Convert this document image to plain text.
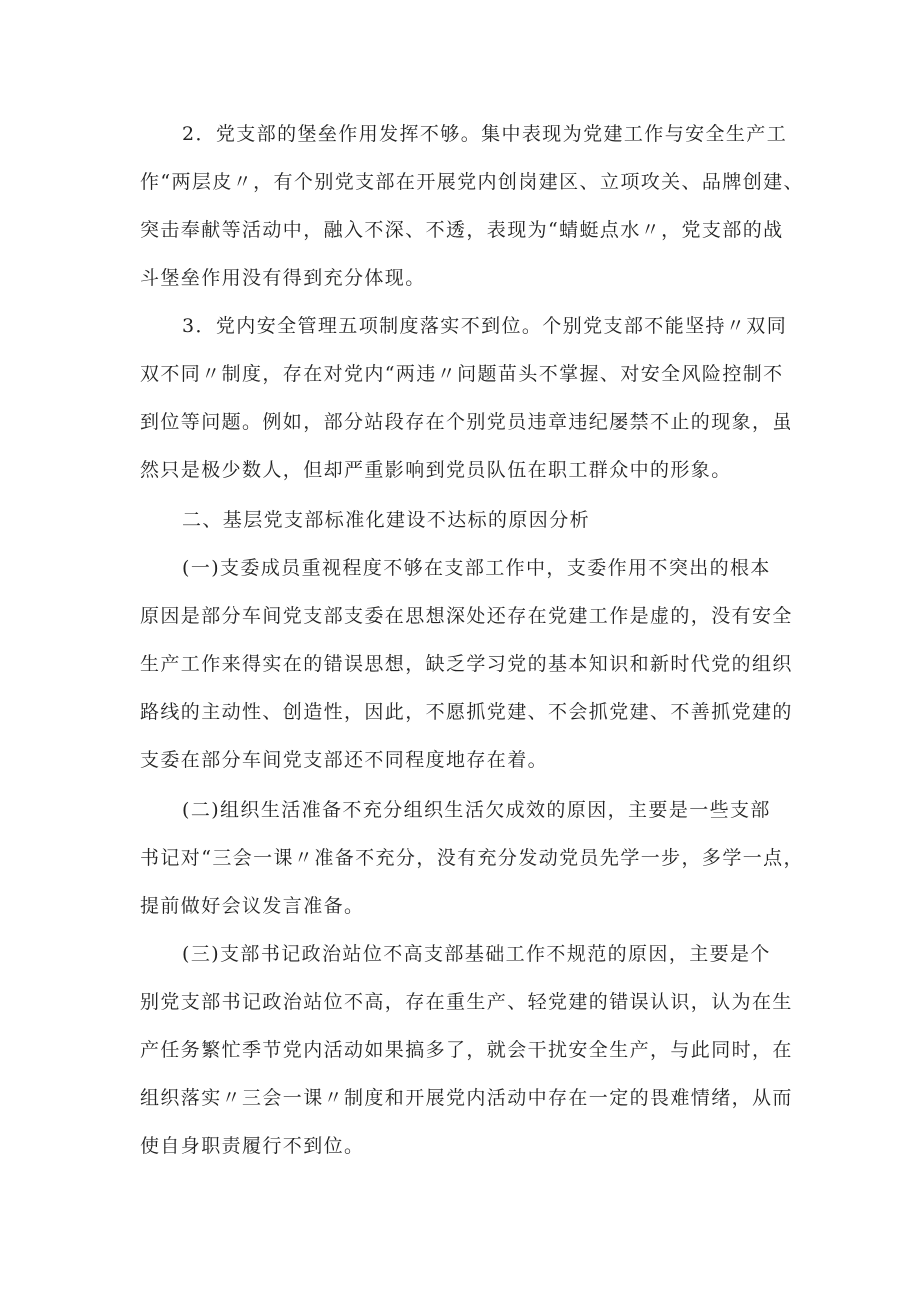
2．党支部的堡垒作用发挥不够。集中表现为党建工作与安全生产工
作“两层皮〃，有个别党支部在开展党内创岗建区、立项攻关、品牌创建、
突击奉献等活动中，融入不深、不透，表现为“蜻蜓点水〃，党支部的战
斗堡垒作用没有得到充分体现。
3．党内安全管理五项制度落实不到位。个别党支部不能坚持〃双同
双不同〃制度，存在对党内“两违〃问题苗头不掌握、对安全风险控制不
到位等问题。例如，部分站段存在个别党员违章违纪屡禁不止的现象，虽
然只是极少数人，但却严重影响到党员队伍在职工群众中的形象。
二、基层党支部标准化建设不达标的原因分析
(一)支委成员重视程度不够在支部工作中，支委作用不突出的根本
原因是部分车间党支部支委在思想深处还存在党建工作是虚的，没有安全
生产工作来得实在的错误思想，缺乏学习党的基本知识和新时代党的组织
路线的主动性、创造性，因此，不愿抓党建、不会抓党建、不善抓党建的
支委在部分车间党支部还不同程度地存在着。
(二)组织生活准备不充分组织生活欠成效的原因，主要是一些支部
书记对“三会一课〃准备不充分，没有充分发动党员先学一步，多学一点，
提前做好会议发言准备。
(三)支部书记政治站位不高支部基础工作不规范的原因，主要是个
别党支部书记政治站位不高，存在重生产、轻党建的错误认识，认为在生
产任务繁忙季节党内活动如果搞多了，就会干扰安全生产，与此同时，在
组织落实〃三会一课〃制度和开展党内活动中存在一定的畏难情绪，从而
使自身职责履行不到位。
